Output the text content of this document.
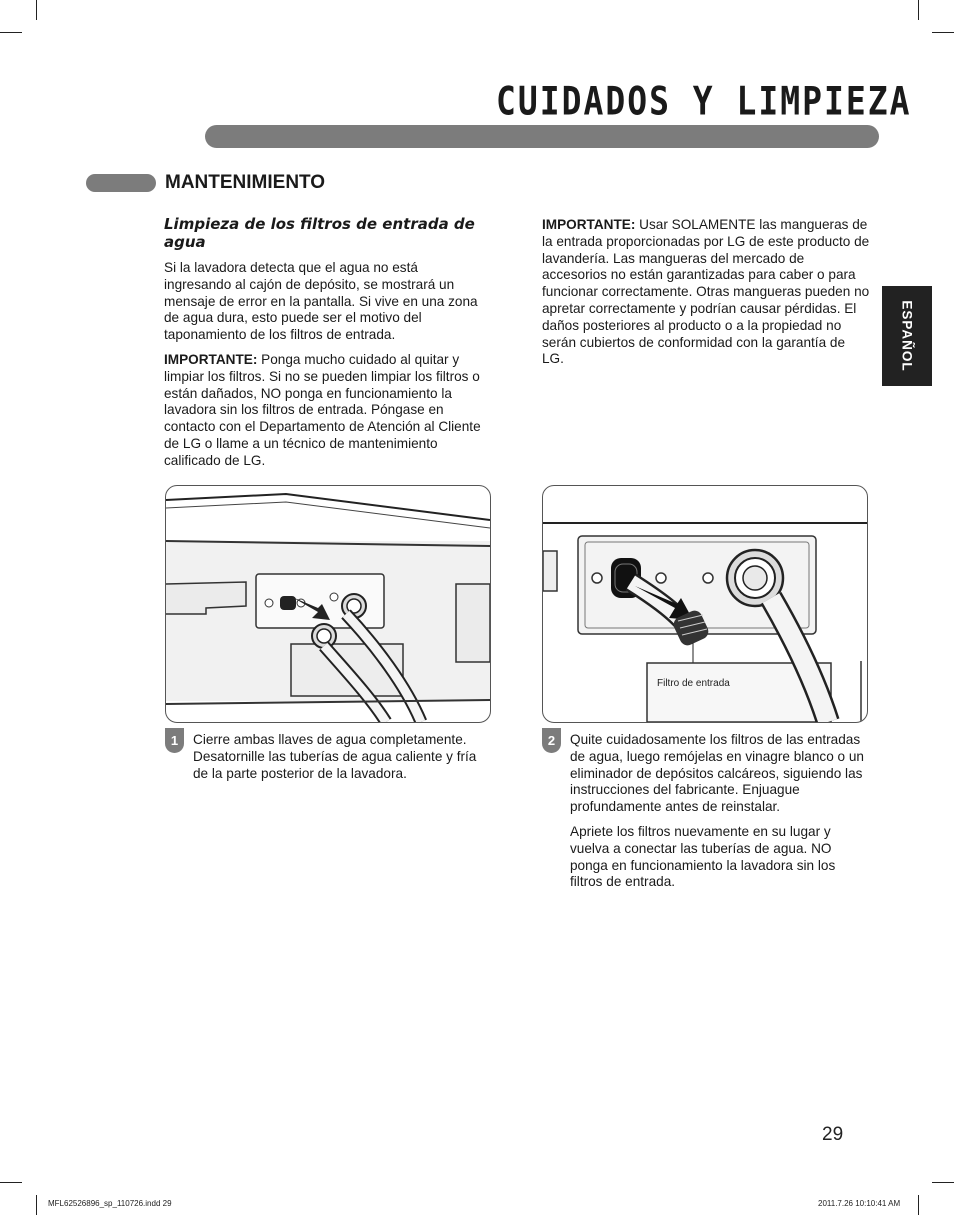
CUIDADOS Y LIMPIEZA
MANTENIMIENTO
ESPAÑOL

Limpieza de los filtros de entrada de agua

Si la lavadora detecta que el agua no está ingresando al cajón de depósito, se mostrará un mensaje de error en la pantalla. Si vive en una zona de agua dura, esto puede ser el motivo del taponamiento de los filtros de entrada.

IMPORTANTE: Ponga mucho cuidado al quitar y limpiar los filtros. Si no se pueden limpiar los filtros o están dañados, NO ponga en funcionamiento la lavadora sin los filtros de entrada. Póngase en contacto con el Departamento de Atención al Cliente de LG o llame a un técnico de mantenimiento calificado de LG.

IMPORTANTE: Usar SOLAMENTE las mangueras de la entrada proporcionadas por LG de este producto de lavandería. Las mangueras del mercado de accesorios no están garantizadas para caber o para funcionar correctamente. Otras mangueras pueden no apretar correctamente y podrían causar pérdidas. El daños posteriores al producto o a la propiedad no serán cubiertos de conformidad con la garantía de LG.

Filtro de entrada
1	Cierre ambas llaves de agua completamente. Desatornille las tuberías de agua caliente y fría de la parte posterior de la lavadora.

2	Quite cuidadosamente los filtros de las entradas de agua, luego remójelas en vinagre blanco o un eliminador de depósitos calcáreos, siguiendo las instrucciones del fabricante. Enjuague profundamente antes de reinstalar.

Apriete los filtros nuevamente en su lugar y vuelva a conectar las tuberías de agua. NO ponga en funcionamiento la lavadora sin los filtros de entrada.

29
MFL62526896_sp_110726.indd 29	2011.7.26 10:10:41 AM
